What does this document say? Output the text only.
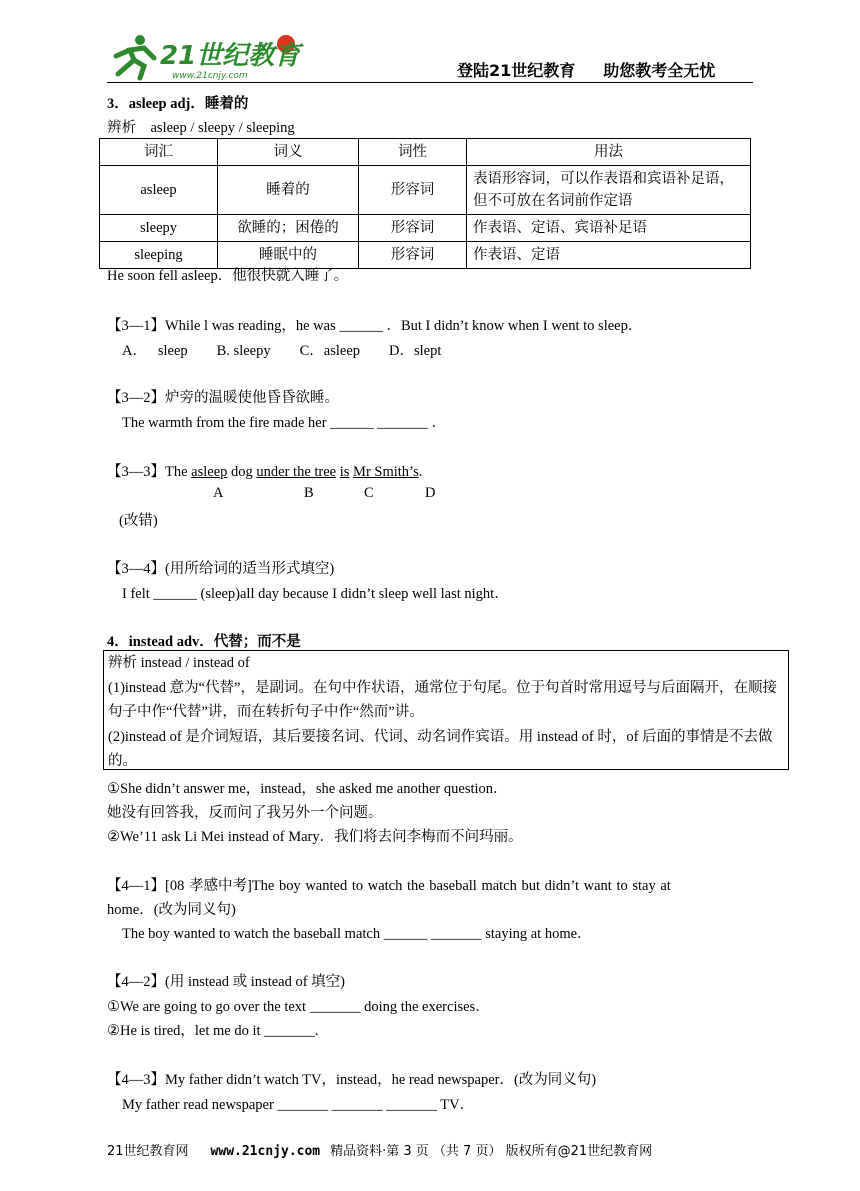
21世纪教育
www.21cnjy.com	登陆21世纪教育 助您教考全无忧
3．asleep adj．睡着的
辨析　asleep / sleepy / sleeping
词汇	词义	词性	用法
asleep	睡着的	形容词	表语形容词，可以作表语和宾语补足语，但不可放在名词前作定语
sleepy	欲睡的；困倦的	形容词	作表语、定语、宾语补足语
sleeping	睡眠中的	形容词	作表语、定语
He soon fell asleep．他很快就入睡了。
【3—1】While l was reading，he was ______ ．But I didn’t know when I went to sleep．
A．　 sleep　　B. sleepy　　C．asleep　　D．slept
【3—2】炉旁的温暖使他昏昏欲睡。
The warmth from the fire made her ______ _______ ．
【3—3】The asleep dog under the tree is Mr Smith’s.
A	B	C	D
(改错)
【3—4】(用所给词的适当形式填空)
I felt ______ (sleep)all day because I didn’t sleep well last night．
4．instead adv．代替；而不是
辨析 instead / instead of
(1)instead 意为“代替”，是副词。在句中作状语，通常位于句尾。位于句首时常用逗号与后面隔开，在顺接句子中作“代替”讲，而在转折句子中作“然而”讲。
(2)instead of 是介词短语，其后要接名词、代词、动名词作宾语。用 instead of 时，of 后面的事情是不去做的。
①She didn’t answer me，instead，she asked me another question．
她没有回答我，反而问了我另外一个问题。
②We’11 ask Li Mei instead of Mary．我们将去问李梅而不问玛丽。
【4—1】[08 孝感中考]The boy wanted to watch the baseball match but didn’t want to stay at
home．(改为同义句)
The boy wanted to watch the baseball match ______ _______ staying at home．
【4—2】(用 instead 或 instead of 填空)
①We are going to go over the text _______ doing the exercises．
②He is tired，let me do it _______.
【4—3】My father didn’t watch TV，instead，he read newspaper．(改为同义句)
My father read newspaper _______ _______ _______ TV．
21世纪教育网 www.21cnjy.com 精品资料·第 3 页 （共 7 页） 版权所有@21世纪教育网
